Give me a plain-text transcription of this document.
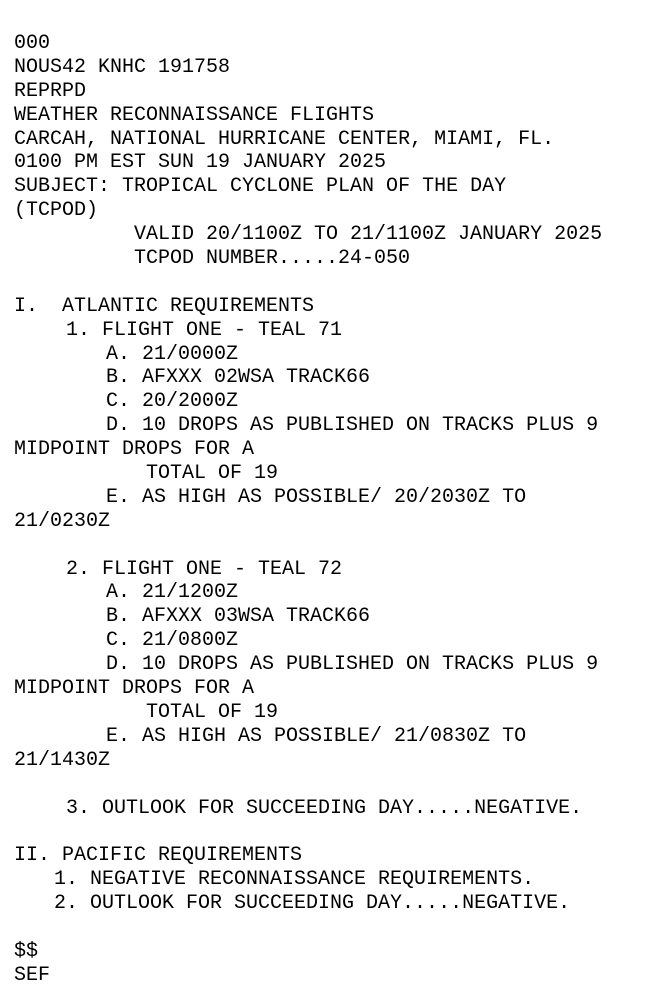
000
NOUS42 KNHC 191758
REPRPD
WEATHER RECONNAISSANCE FLIGHTS
CARCAH, NATIONAL HURRICANE CENTER, MIAMI, FL.
0100 PM EST SUN 19 JANUARY 2025
SUBJECT: TROPICAL CYCLONE PLAN OF THE DAY
(TCPOD)
VALID 20/1100Z TO 21/1100Z JANUARY 2025
TCPOD NUMBER.....24-050
I.  ATLANTIC REQUIREMENTS
1. FLIGHT ONE - TEAL 71
A. 21/0000Z
B. AFXXX 02WSA TRACK66
C. 20/2000Z
D. 10 DROPS AS PUBLISHED ON TRACKS PLUS 9
MIDPOINT DROPS FOR A
TOTAL OF 19
E. AS HIGH AS POSSIBLE/ 20/2030Z TO
21/0230Z
2. FLIGHT ONE - TEAL 72
A. 21/1200Z
B. AFXXX 03WSA TRACK66
C. 21/0800Z
D. 10 DROPS AS PUBLISHED ON TRACKS PLUS 9
MIDPOINT DROPS FOR A
TOTAL OF 19
E. AS HIGH AS POSSIBLE/ 21/0830Z TO
21/1430Z
3. OUTLOOK FOR SUCCEEDING DAY.....NEGATIVE.
II. PACIFIC REQUIREMENTS
1. NEGATIVE RECONNAISSANCE REQUIREMENTS.
2. OUTLOOK FOR SUCCEEDING DAY.....NEGATIVE.
$$
SEF
